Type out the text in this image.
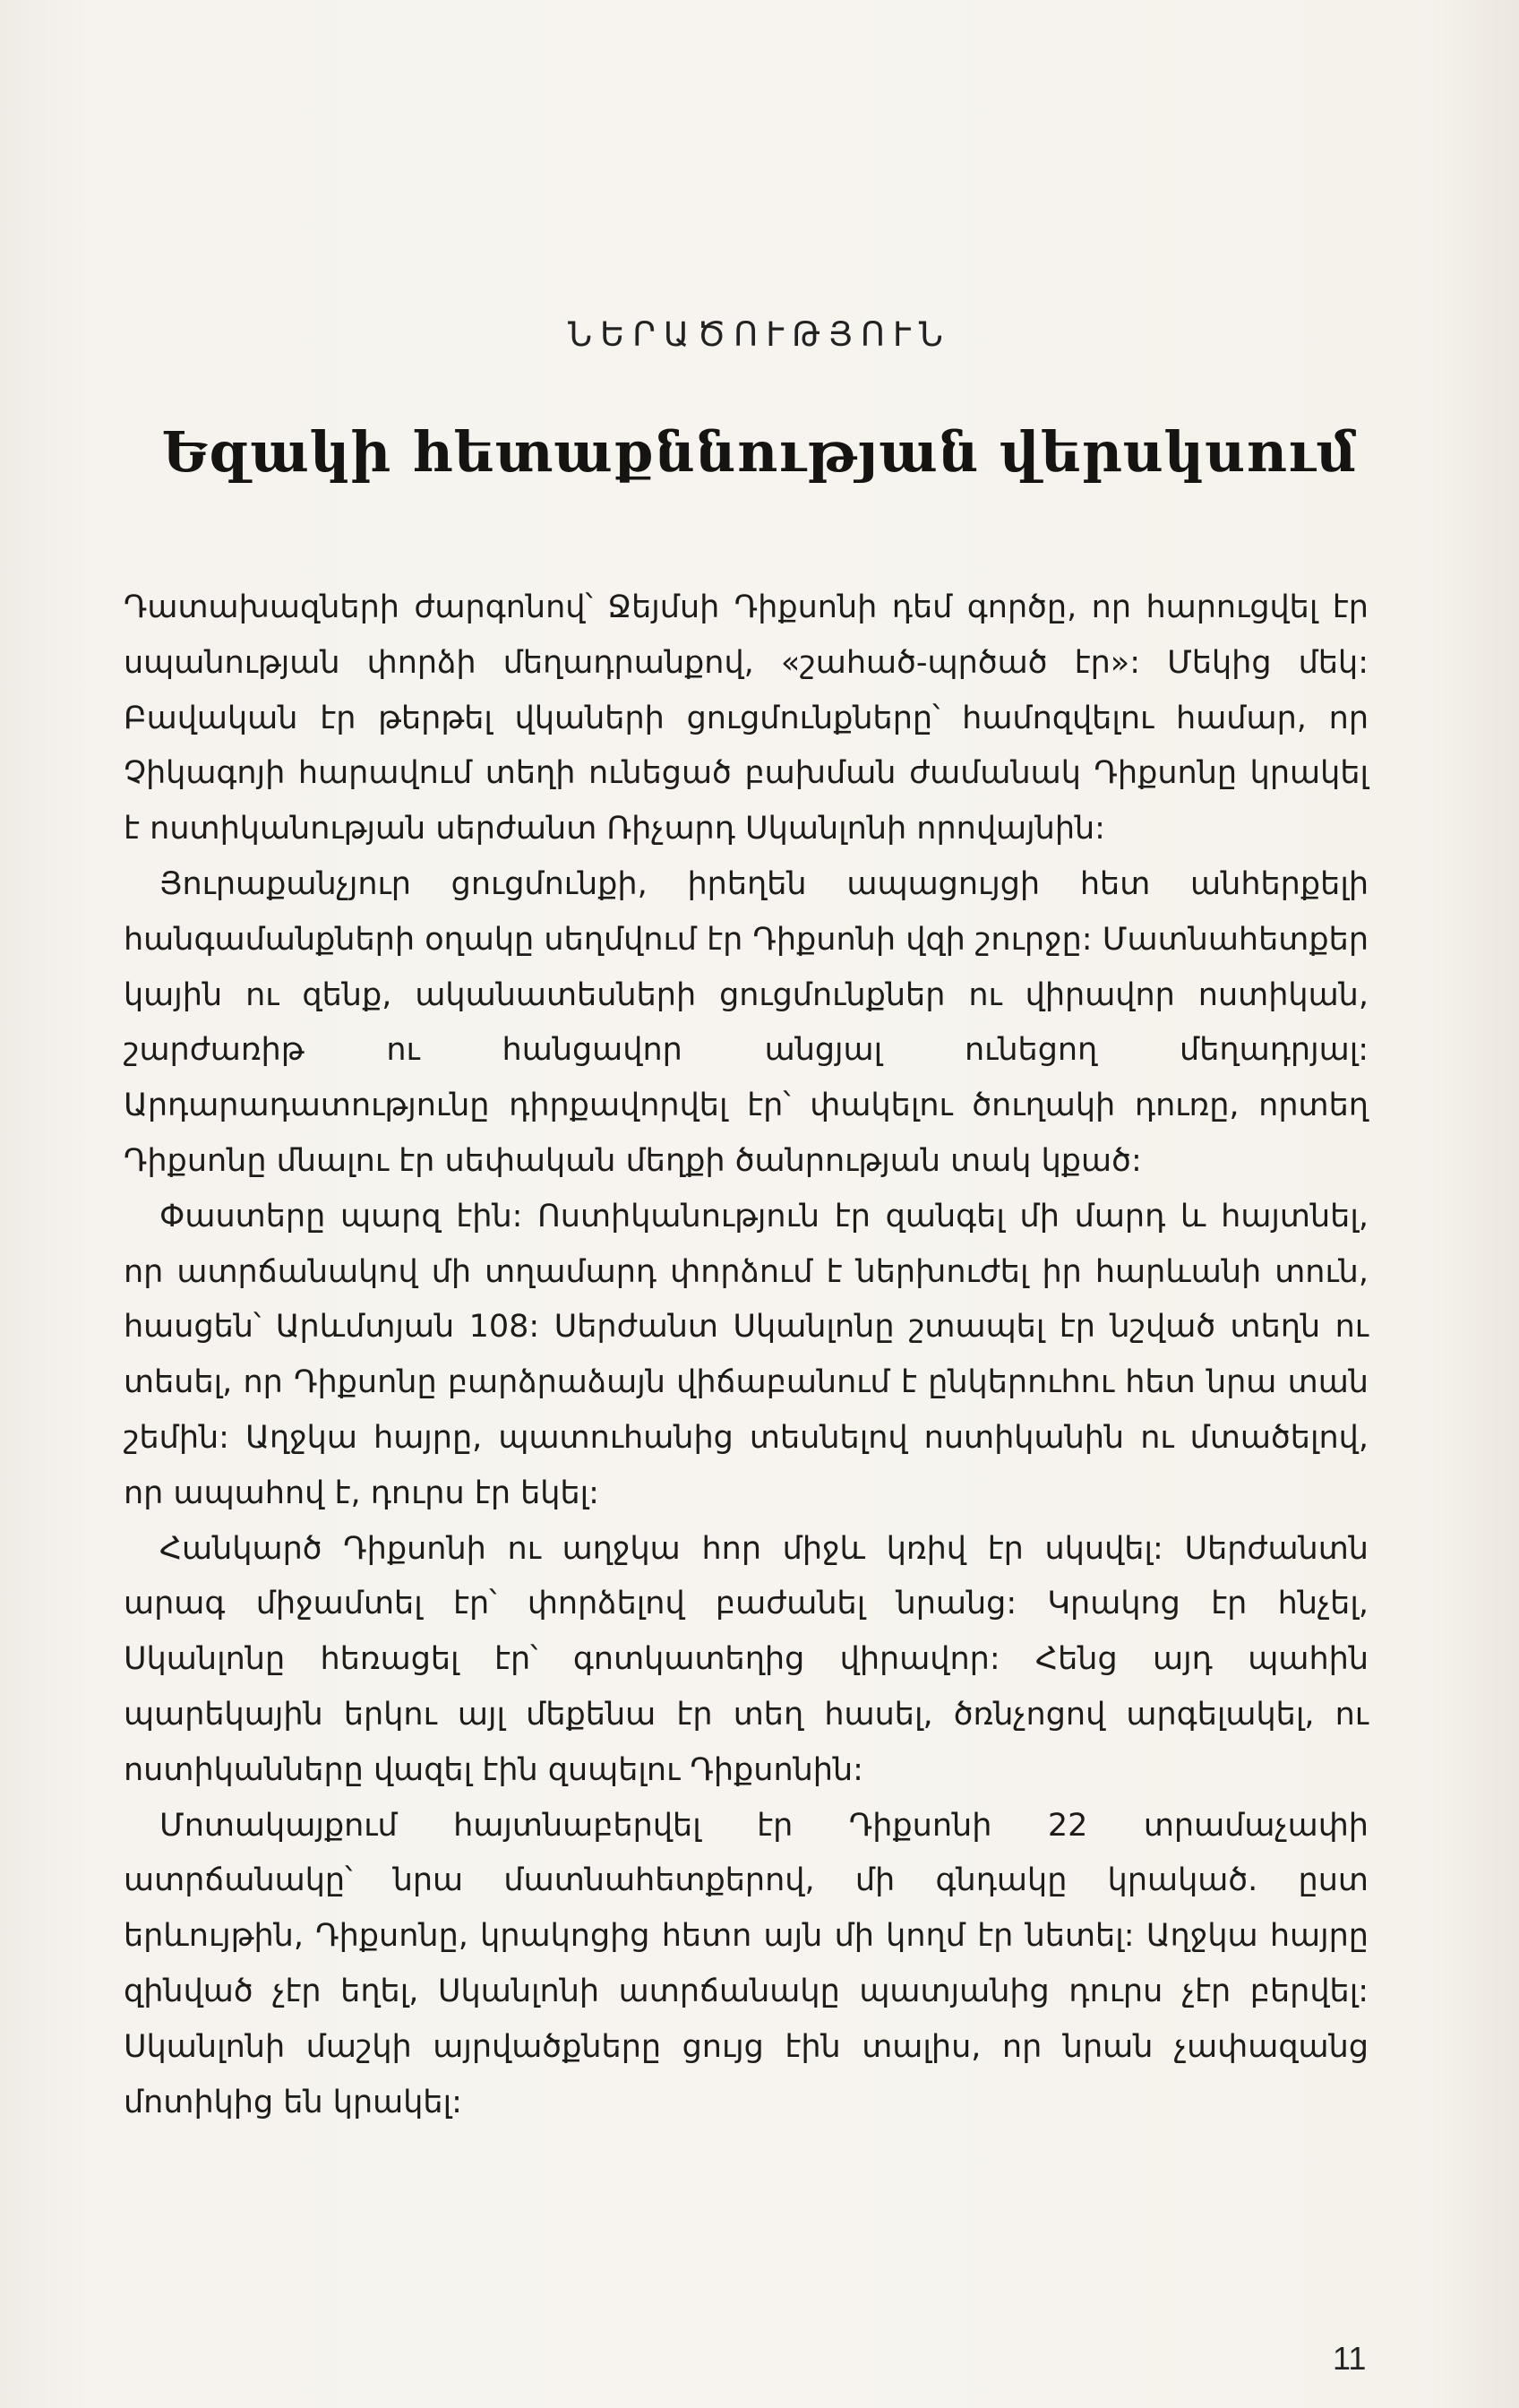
ՆԵՐԱԾՈՒԹՅՈՒՆ
Եզակի հետաքննության վերսկսում

Դատախազների ժարգոնով՝ Ջեյմսի Դիքսոնի դեմ գործը, որ հարուցվել էր սպանության փորձի մեղադրանքով, «շահած-պրծած էր»: Մեկից մեկ: Բավական էր թերթել վկաների ցուցմունքները՝ համոզվելու համար, որ Չիկագոյի հարավում տեղի ունեցած բախման ժամանակ Դիքսոնը կրակել է ոստիկանության սերժանտ Ռիչարդ Սկանլոնի որովայնին:

Յուրաքանչյուր ցուցմունքի, իրեղեն ապացույցի հետ անհերքելի հանգամանքների օղակը սեղմվում էր Դիքսոնի վզի շուրջը: Մատնահետքեր կային ու զենք, ականատեսների ցուցմունքներ ու վիրավոր ոստիկան, շարժառիթ ու հանցավոր անցյալ ունեցող մեղադրյալ: Արդարադատությունը դիրքավորվել էր՝ փակելու ծուղակի դուռը, որտեղ Դիքսոնը մնալու էր սեփական մեղքի ծանրության տակ կքած:

Փաստերը պարզ էին: Ոստիկանություն էր զանգել մի մարդ և հայտնել, որ ատրճանակով մի տղամարդ փորձում է ներխուժել իր հարևանի տուն, հասցեն՝ Արևմտյան 108: Սերժանտ Սկանլոնը շտապել էր նշված տեղն ու տեսել, որ Դիքսոնը բարձրաձայն վիճաբանում է ընկերուհու հետ նրա տան շեմին: Աղջկա հայրը, պատուհանից տեսնելով ոստիկանին ու մտածելով, որ ապահով է, դուրս էր եկել:

Հանկարծ Դիքսոնի ու աղջկա հոր միջև կռիվ էր սկսվել: Սերժանտն արագ միջամտել էր՝ փորձելով բաժանել նրանց: Կրակոց էր հնչել, Սկանլոնը հեռացել էր՝ գոտկատեղից վիրավոր: Հենց այդ պահին պարեկային երկու այլ մեքենա էր տեղ հասել, ծռնչոցով արգելակել, ու ոստիկանները վազել էին զսպելու Դիքսոնին:

Մոտակայքում հայտնաբերվել էր Դիքսոնի 22 տրամաչափի ատրճանակը՝ նրա մատնահետքերով, մի գնդակը կրակած. ըստ երևույթին, Դիքսոնը, կրակոցից հետո այն մի կողմ էր նետել: Աղջկա հայրը զինված չէր եղել, Սկանլոնի ատրճանակը պատյանից դուրս չէր բերվել: Սկանլոնի մաշկի այրվածքները ցույց էին տալիս, որ նրան չափազանց մոտիկից են կրակել:

11
